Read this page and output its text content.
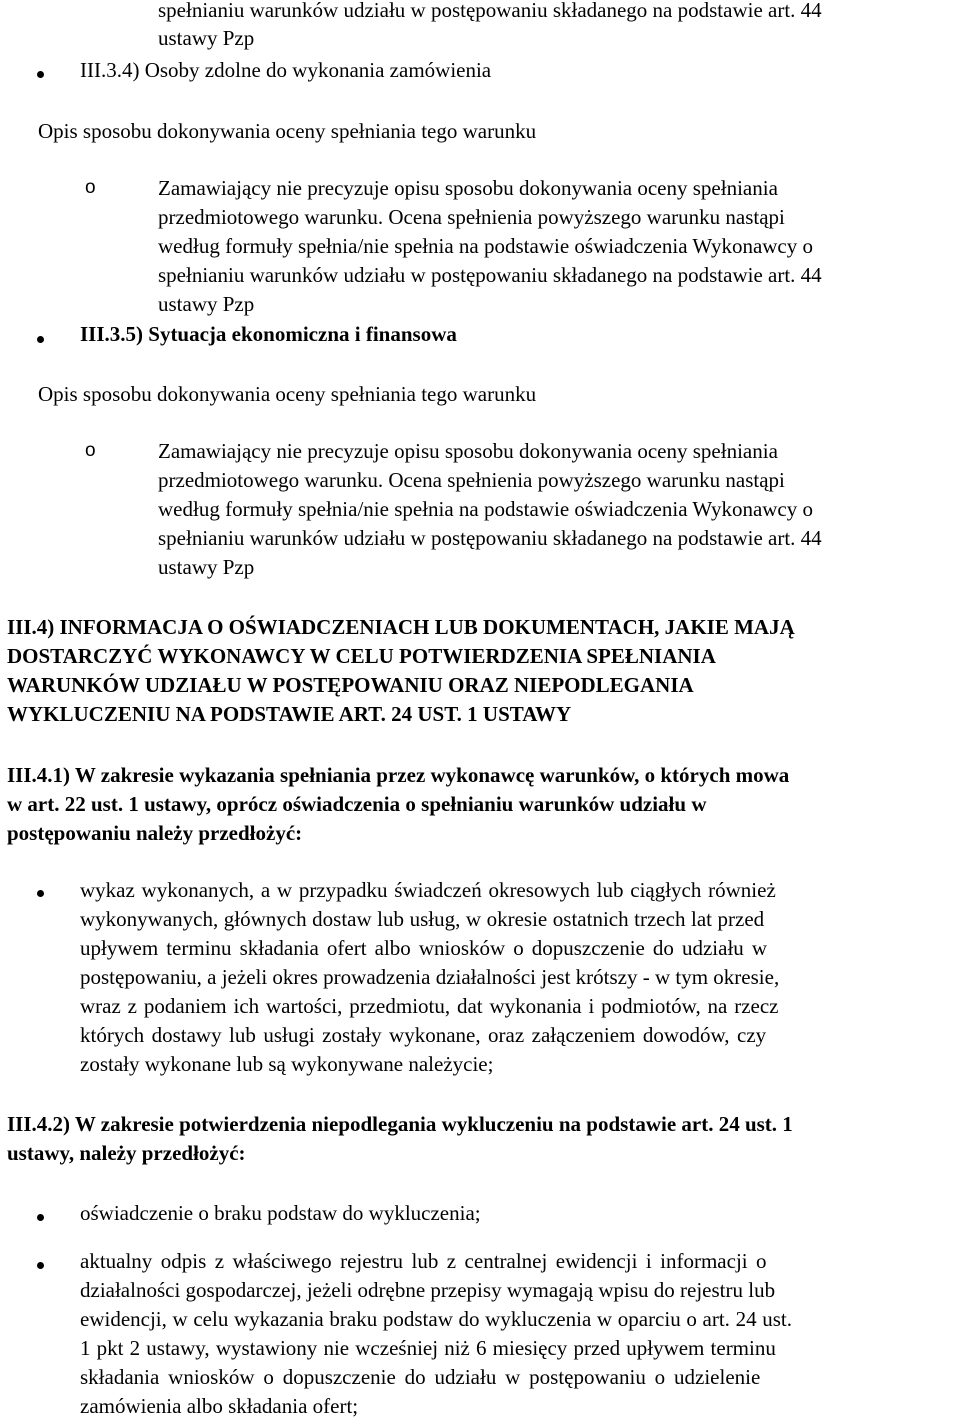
spełnianiu warunków udziału w postępowaniu składanego na podstawie art. 44
ustawy Pzp
III.3.4) Osoby zdolne do wykonania zamówienia
Opis sposobu dokonywania oceny spełniania tego warunku
o	Zamawiający nie precyzuje opisu sposobu dokonywania oceny spełniania
przedmiotowego warunku. Ocena spełnienia powyższego warunku nastąpi
według formuły spełnia/nie spełnia na podstawie oświadczenia Wykonawcy o
spełnianiu warunków udziału w postępowaniu składanego na podstawie art. 44
ustawy Pzp
III.3.5) Sytuacja ekonomiczna i finansowa
Opis sposobu dokonywania oceny spełniania tego warunku
o	Zamawiający nie precyzuje opisu sposobu dokonywania oceny spełniania
przedmiotowego warunku. Ocena spełnienia powyższego warunku nastąpi
według formuły spełnia/nie spełnia na podstawie oświadczenia Wykonawcy o
spełnianiu warunków udziału w postępowaniu składanego na podstawie art. 44
ustawy Pzp
III.4) INFORMACJA O OŚWIADCZENIACH LUB DOKUMENTACH, JAKIE MAJĄ
DOSTARCZYĆ WYKONAWCY W CELU POTWIERDZENIA SPEŁNIANIA
WARUNKÓW UDZIAŁU W POSTĘPOWANIU ORAZ NIEPODLEGANIA
WYKLUCZENIU NA PODSTAWIE ART. 24 UST. 1 USTAWY
III.4.1) W zakresie wykazania spełniania przez wykonawcę warunków, o których mowa
w art. 22 ust. 1 ustawy, oprócz oświadczenia o spełnianiu warunków udziału w
postępowaniu należy przedłożyć:
wykaz wykonanych, a w przypadku świadczeń okresowych lub ciągłych również
wykonywanych, głównych dostaw lub usług, w okresie ostatnich trzech lat przed
upływem terminu składania ofert albo wniosków o dopuszczenie do udziału w
postępowaniu, a jeżeli okres prowadzenia działalności jest krótszy - w tym okresie,
wraz z podaniem ich wartości, przedmiotu, dat wykonania i podmiotów, na rzecz
których dostawy lub usługi zostały wykonane, oraz załączeniem dowodów, czy
zostały wykonane lub są wykonywane należycie;
III.4.2) W zakresie potwierdzenia niepodlegania wykluczeniu na podstawie art. 24 ust. 1
ustawy, należy przedłożyć:
oświadczenie o braku podstaw do wykluczenia;
aktualny odpis z właściwego rejestru lub z centralnej ewidencji i informacji o
działalności gospodarczej, jeżeli odrębne przepisy wymagają wpisu do rejestru lub
ewidencji, w celu wykazania braku podstaw do wykluczenia w oparciu o art. 24 ust.
1 pkt 2 ustawy, wystawiony nie wcześniej niż 6 miesięcy przed upływem terminu
składania wniosków o dopuszczenie do udziału w postępowaniu o udzielenie
zamówienia albo składania ofert;
